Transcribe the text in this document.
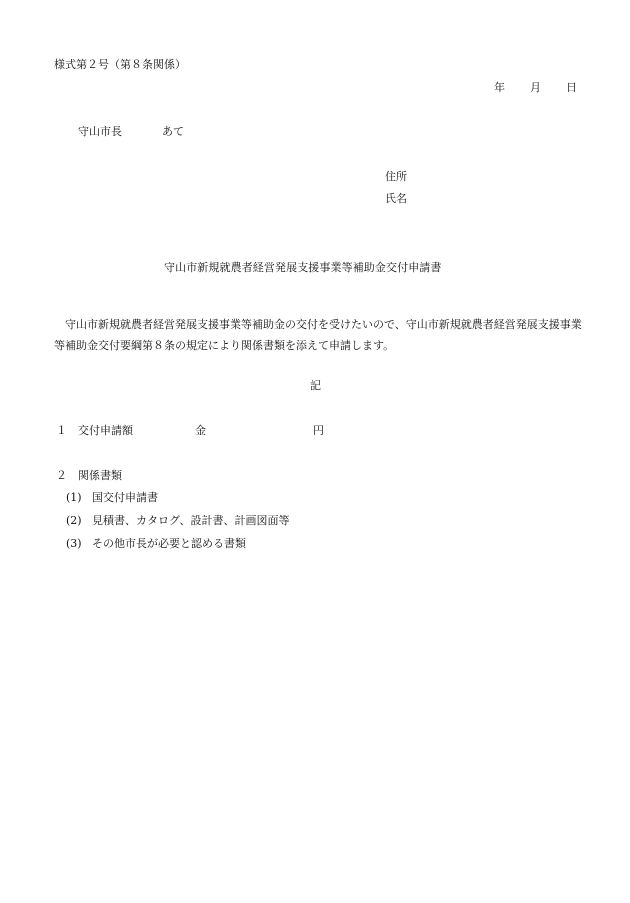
様式第２号（第８条関係）
年 月 日
守山市長	あて
住所
氏名
守山市新規就農者経営発展支援事業等補助金交付申請書
守山市新規就農者経営発展支援事業等補助金の交付を受けたいので、守山市新規就農者経営発展支援事業等補助金交付要綱第８条の規定により関係書類を添えて申請します。
記
１ 交付申請額	金	円
２ 関係書類
(1) 国交付申請書
(2) 見積書、カタログ、設計書、計画図面等
(3) その他市長が必要と認める書類
